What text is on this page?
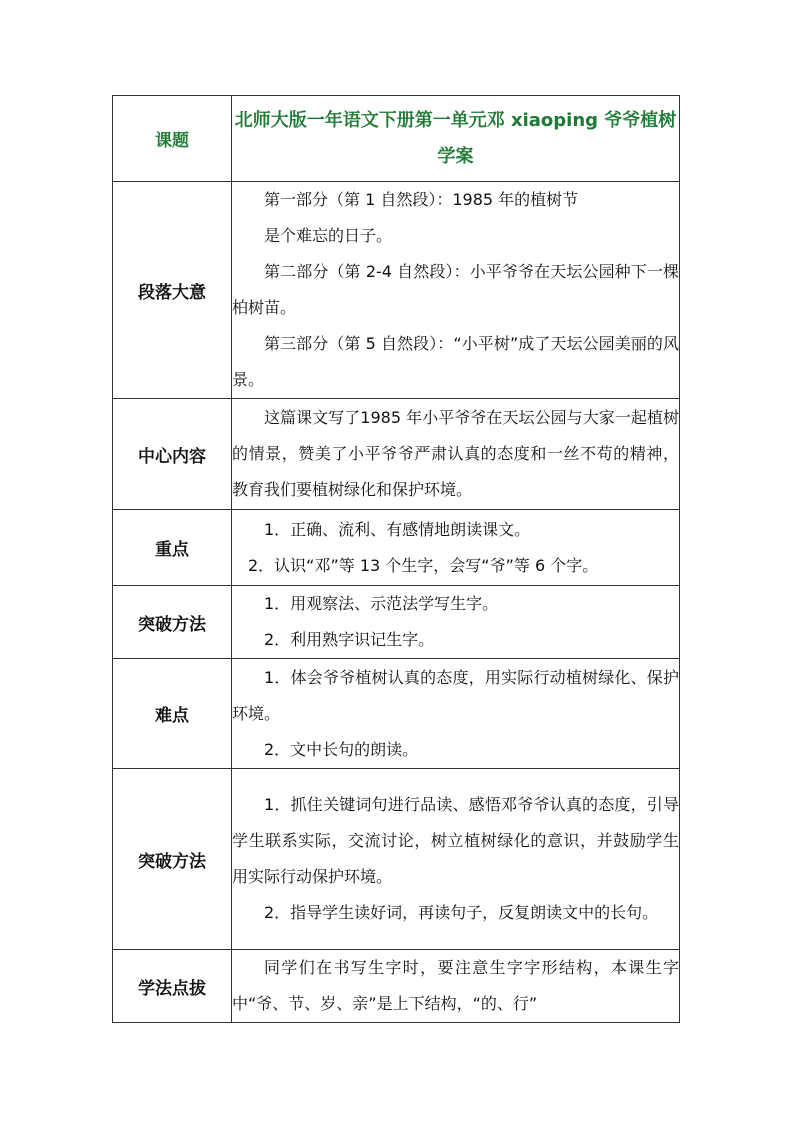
课题	北师大版一年语文下册第一单元邓 xiaoping 爷爷植树学案
段落大意	第一部分（第 1 自然段）：1985 年的植树节

是个难忘的日子。

第二部分（第 2-4 自然段）：小平爷爷在天坛公园种下一棵柏树苗。

第三部分（第 5 自然段）：“小平树”成了天坛公园美丽的风景。

中心内容	这篇课文写了1985 年小平爷爷在天坛公园与大家一起植树的情景，赞美了小平爷爷严肃认真的态度和一丝不苟的精神，教育我们要植树绿化和保护环境。

重点	1．正确、流利、有感情地朗读课文。

2．认识“邓”等 13 个生字，会写“爷”等 6 个字。

突破方法	1．用观察法、示范法学写生字。

2．利用熟字识记生字。

难点	1．体会爷爷植树认真的态度，用实际行动植树绿化、保护环境。

2．文中长句的朗读。

突破方法	1．抓住关键词句进行品读、感悟邓爷爷认真的态度，引导学生联系实际，交流讨论，树立植树绿化的意识，并鼓励学生用实际行动保护环境。

2．指导学生读好词，再读句子，反复朗读文中的长句。

学法点拔	同学们在书写生字时，要注意生字字形结构，本课生字中“爷、节、岁、亲”是上下结构，“的、行”
